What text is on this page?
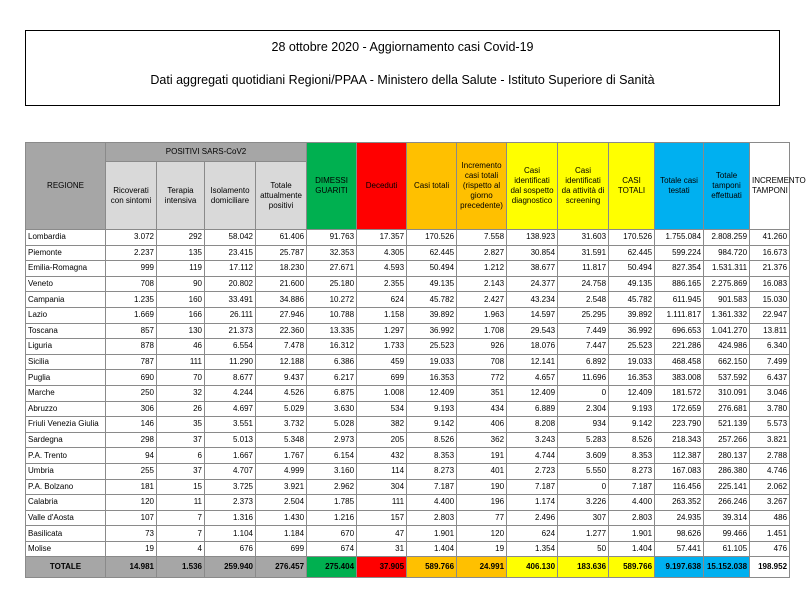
28 ottobre 2020 - Aggiornamento casi Covid-19
Dati aggregati quotidiani Regioni/PPAA - Ministero della Salute - Istituto Superiore di Sanità
REGIONE	POSITIVI SARS-CoV2				DIMESSI GUARITI	Deceduti	Casi totali	Incremento casi totali (rispetto al giorno precedente)	Casi identificati dal sospetto diagnostico	Casi identificati da attività di screening	CASI TOTALI	Totale casi testati	Totale tamponi effettuati	INCREMENTO TAMPONI
	Ricoverati con sintomi	Terapia intensiva	Isolamento domiciliare	Totale attualmente positivi										
Lombardia	3.072	292	58.042	61.406	91.763	17.357	170.526	7.558	138.923	31.603	170.526	1.755.084	2.808.259	41.260
Piemonte	2.237	135	23.415	25.787	32.353	4.305	62.445	2.827	30.854	31.591	62.445	599.224	984.720	16.673
Emilia-Romagna	999	119	17.112	18.230	27.671	4.593	50.494	1.212	38.677	11.817	50.494	827.354	1.531.311	21.376
Veneto	708	90	20.802	21.600	25.180	2.355	49.135	2.143	24.377	24.758	49.135	886.165	2.275.869	16.083
Campania	1.235	160	33.491	34.886	10.272	624	45.782	2.427	43.234	2.548	45.782	611.945	901.583	15.030
Lazio	1.669	166	26.111	27.946	10.788	1.158	39.892	1.963	14.597	25.295	39.892	1.111.817	1.361.332	22.947
Toscana	857	130	21.373	22.360	13.335	1.297	36.992	1.708	29.543	7.449	36.992	696.653	1.041.270	13.811
Liguria	878	46	6.554	7.478	16.312	1.733	25.523	926	18.076	7.447	25.523	221.286	424.986	6.340
Sicilia	787	111	11.290	12.188	6.386	459	19.033	708	12.141	6.892	19.033	468.458	662.150	7.499
Puglia	690	70	8.677	9.437	6.217	699	16.353	772	4.657	11.696	16.353	383.008	537.592	6.437
Marche	250	32	4.244	4.526	6.875	1.008	12.409	351	12.409	0	12.409	181.572	310.091	3.046
Abruzzo	306	26	4.697	5.029	3.630	534	9.193	434	6.889	2.304	9.193	172.659	276.681	3.780
Friuli Venezia Giulia	146	35	3.551	3.732	5.028	382	9.142	406	8.208	934	9.142	223.790	521.139	5.573
Sardegna	298	37	5.013	5.348	2.973	205	8.526	362	3.243	5.283	8.526	218.343	257.266	3.821
P.A. Trento	94	6	1.667	1.767	6.154	432	8.353	191	4.744	3.609	8.353	112.387	280.137	2.788
Umbria	255	37	4.707	4.999	3.160	114	8.273	401	2.723	5.550	8.273	167.083	286.380	4.746
P.A. Bolzano	181	15	3.725	3.921	2.962	304	7.187	190	7.187	0	7.187	116.456	225.141	2.062
Calabria	120	11	2.373	2.504	1.785	111	4.400	196	1.174	3.226	4.400	263.352	266.246	3.267
Valle d'Aosta	107	7	1.316	1.430	1.216	157	2.803	77	2.496	307	2.803	24.935	39.314	486
Basilicata	73	7	1.104	1.184	670	47	1.901	120	624	1.277	1.901	98.626	99.466	1.451
Molise	19	4	676	699	674	31	1.404	19	1.354	50	1.404	57.441	61.105	476
TOTALE	14.981	1.536	259.940	276.457	275.404	37.905	589.766	24.991	406.130	183.636	589.766	9.197.638	15.152.038	198.952
